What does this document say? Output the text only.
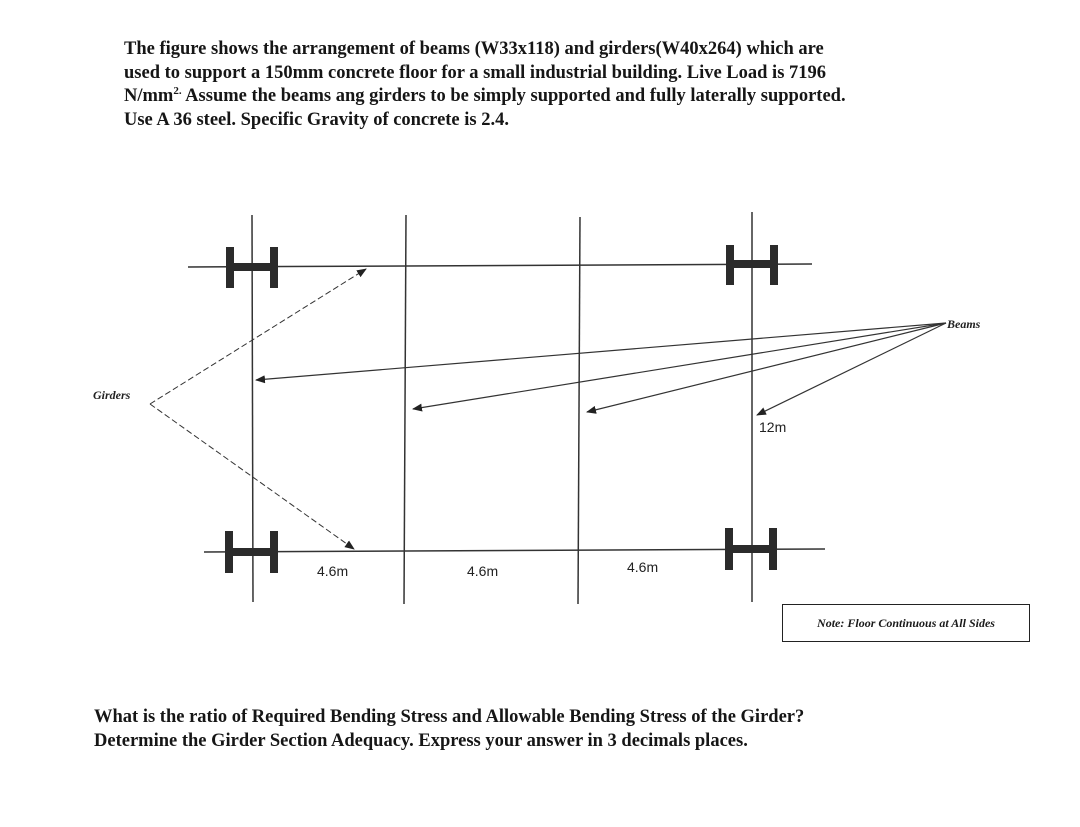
The figure shows the arrangement of beams (W33x118) and girders(W40x264) which are
used to support a 150mm concrete floor for a small industrial building. Live Load is 7196
$N/mm^{2.}$ Assume the beams ang girders to be simply supported and fully laterally supported.
Use A 36 steel. Specific Gravity of concrete is 2.4.

Girders
Beams
12m
4.6m	4.6m	4.6m
Note: Floor Continuous at All Sides

What is the ratio of Required Bending Stress and Allowable Bending Stress of the Girder?
Determine the Girder Section Adequacy. Express your answer in 3 decimals places.
